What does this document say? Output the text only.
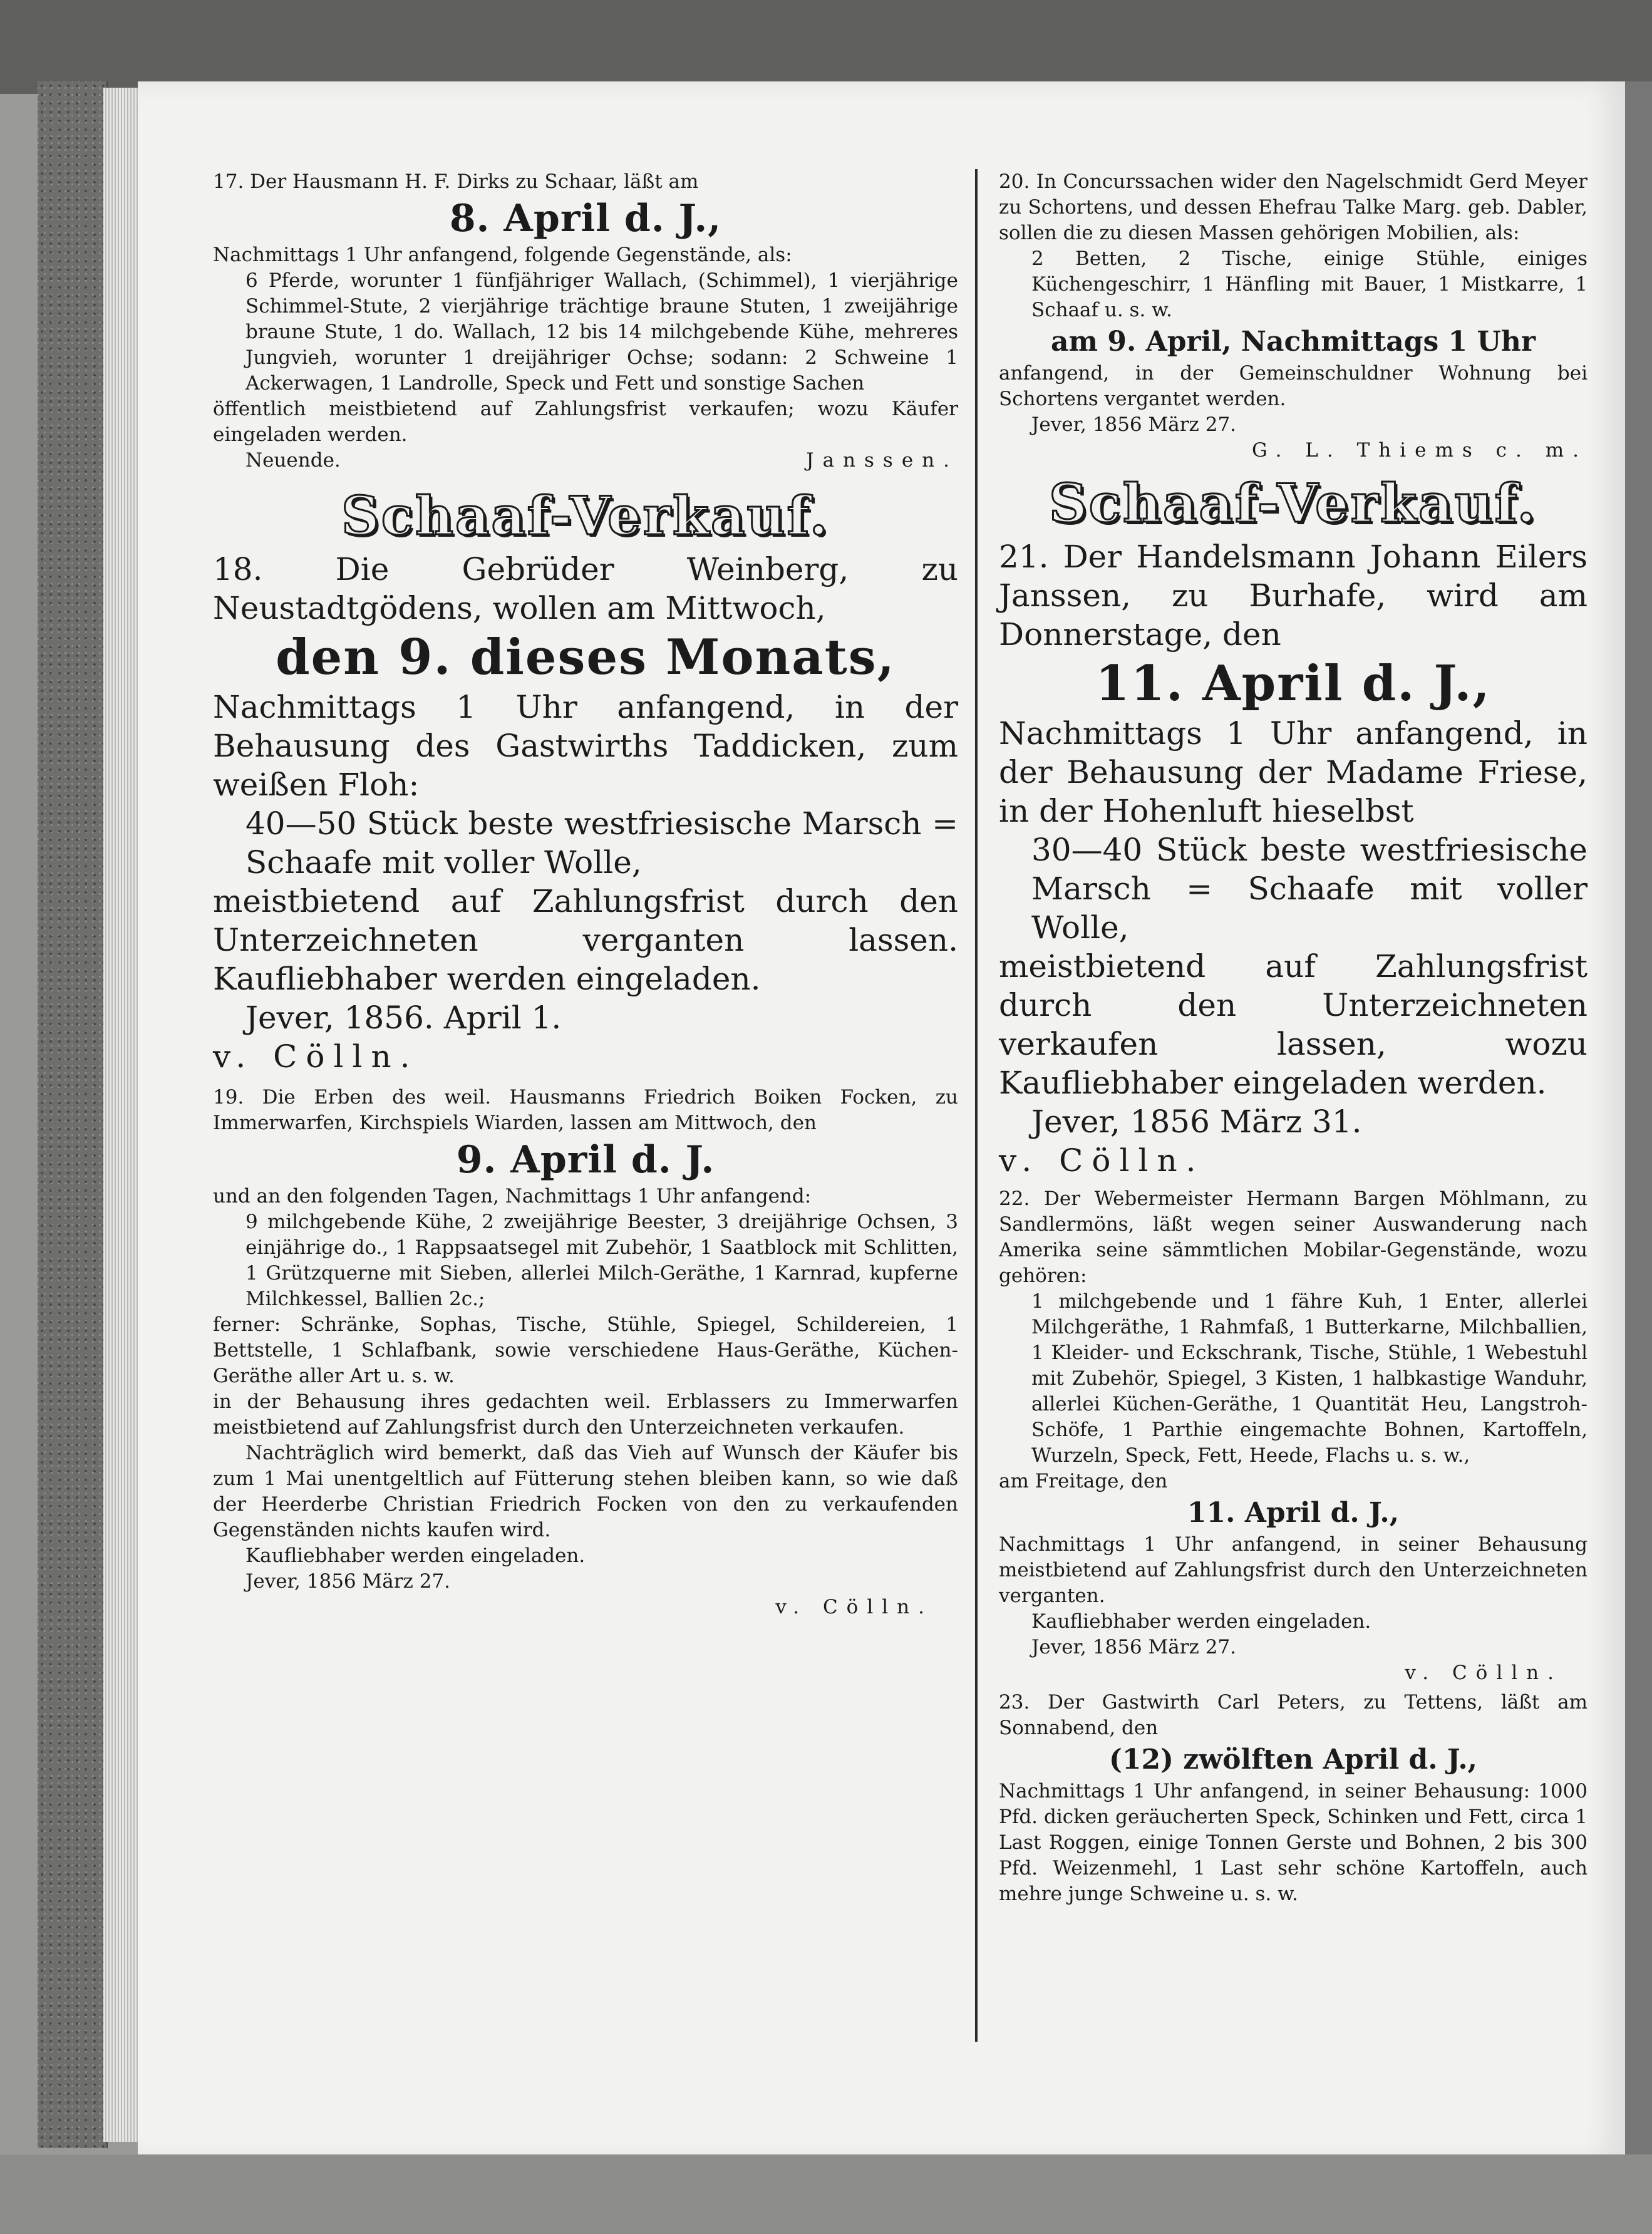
17. Der Hausmann H. F. Dirks zu Schaar, läßt am

8. April d. J.,

Nachmittags 1 Uhr anfangend, folgende Gegenstände, als:

6 Pferde, worunter 1 fünfjähriger Wallach, (Schimmel), 1 vierjährige Schimmel-Stute, 2 vierjährige trächtige braune Stuten, 1 zweijährige braune Stute, 1 do. Wallach, 12 bis 14 milchgebende Kühe, mehreres Jungvieh, worunter 1 dreijähriger Ochse; sodann: 2 Schweine 1 Ackerwagen, 1 Landrolle, Speck und Fett und sonstige Sachen

öffentlich meistbietend auf Zahlungsfrist verkaufen; wozu Käufer eingeladen werden.

Neuende.	Janssen.

Schaaf-Verkauf.

18. Die Gebrüder Weinberg, zu Neustadtgödens, wollen am Mittwoch,

den 9. dieses Monats,

Nachmittags 1 Uhr anfangend, in der Behausung des Gastwirths Taddicken, zum weißen Floh:

40—50 Stück beste westfriesische Marsch = Schaafe mit voller Wolle,

meistbietend auf Zahlungsfrist durch den Unterzeichneten verganten lassen. Kaufliebhaber werden eingeladen.

Jever, 1856. April 1.

v. Cölln.

19. Die Erben des weil. Hausmanns Friedrich Boiken Focken, zu Immerwarfen, Kirchspiels Wiarden, lassen am Mittwoch, den

9. April d. J.

und an den folgenden Tagen, Nachmittags 1 Uhr anfangend:

9 milchgebende Kühe, 2 zweijährige Beester, 3 dreijährige Ochsen, 3 einjährige do., 1 Rappsaatsegel mit Zubehör, 1 Saatblock mit Schlitten, 1 Grützquerne mit Sieben, allerlei Milch-Geräthe, 1 Karnrad, kupferne Milchkessel, Ballien 2c.;

ferner: Schränke, Sophas, Tische, Stühle, Spiegel, Schildereien, 1 Bettstelle, 1 Schlafbank, sowie verschiedene Haus-Geräthe, Küchen-Geräthe aller Art u. s. w.

in der Behausung ihres gedachten weil. Erblassers zu Immerwarfen meistbietend auf Zahlungsfrist durch den Unterzeichneten verkaufen.

Nachträglich wird bemerkt, daß das Vieh auf Wunsch der Käufer bis zum 1 Mai unentgeltlich auf Fütterung stehen bleiben kann, so wie daß der Heerderbe Christian Friedrich Focken von den zu verkaufenden Gegenständen nichts kaufen wird.

Kaufliebhaber werden eingeladen.

Jever, 1856 März 27.

v. Cölln.

20. In Concurssachen wider den Nagelschmidt Gerd Meyer zu Schortens, und dessen Ehefrau Talke Marg. geb. Dabler, sollen die zu diesen Massen gehörigen Mobilien, als:

2 Betten, 2 Tische, einige Stühle, einiges Küchengeschirr, 1 Hänfling mit Bauer, 1 Mistkarre, 1 Schaaf u. s. w.

am 9. April, Nachmittags 1 Uhr

anfangend, in der Gemeinschuldner Wohnung bei Schortens vergantet werden.

Jever, 1856 März 27.

G. L. Thiems c. m.

Schaaf-Verkauf.

21. Der Handelsmann Johann Eilers Janssen, zu Burhafe, wird am Donnerstage, den

11. April d. J.,

Nachmittags 1 Uhr anfangend, in der Behausung der Madame Friese, in der Hohenluft hieselbst

30—40 Stück beste westfriesische Marsch = Schaafe mit voller Wolle,

meistbietend auf Zahlungsfrist durch den Unterzeichneten verkaufen lassen, wozu Kaufliebhaber eingeladen werden.

Jever, 1856 März 31.

v. Cölln.

22. Der Webermeister Hermann Bargen Möhlmann, zu Sandlermöns, läßt wegen seiner Auswanderung nach Amerika seine sämmtlichen Mobilar-Gegenstände, wozu gehören:

1 milchgebende und 1 fähre Kuh, 1 Enter, allerlei Milchgeräthe, 1 Rahmfaß, 1 Butterkarne, Milchballien, 1 Kleider- und Eckschrank, Tische, Stühle, 1 Webestuhl mit Zubehör, Spiegel, 3 Kisten, 1 halbkastige Wanduhr, allerlei Küchen-Geräthe, 1 Quantität Heu, Langstroh-Schöfe, 1 Parthie eingemachte Bohnen, Kartoffeln, Wurzeln, Speck, Fett, Heede, Flachs u. s. w.,

am Freitage, den

11. April d. J.,

Nachmittags 1 Uhr anfangend, in seiner Behausung meistbietend auf Zahlungsfrist durch den Unterzeichneten verganten.

Kaufliebhaber werden eingeladen.

Jever, 1856 März 27.

v. Cölln.

23. Der Gastwirth Carl Peters, zu Tettens, läßt am Sonnabend, den

(12) zwölften April d. J.,

Nachmittags 1 Uhr anfangend, in seiner Behausung: 1000 Pfd. dicken geräucherten Speck, Schinken und Fett, circa 1 Last Roggen, einige Tonnen Gerste und Bohnen, 2 bis 300 Pfd. Weizenmehl, 1 Last sehr schöne Kartoffeln, auch mehre junge Schweine u. s. w.
